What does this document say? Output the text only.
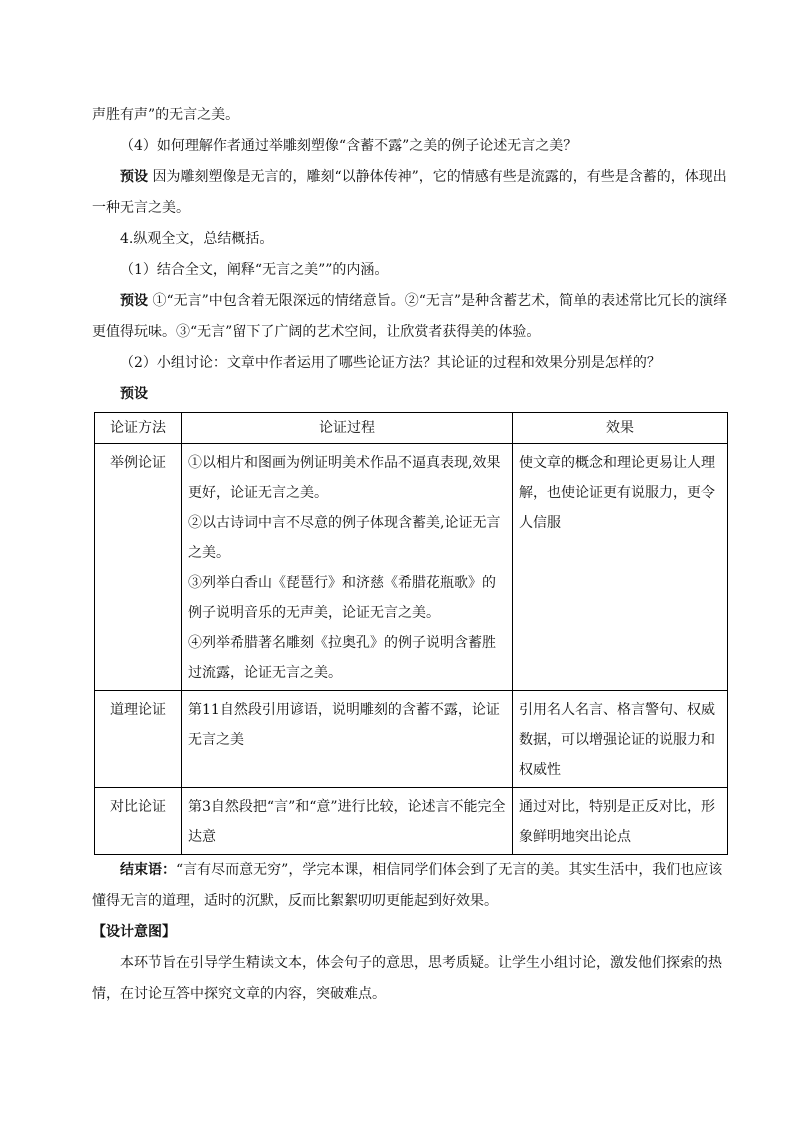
声胜有声”的无言之美。

（4）如何理解作者通过举雕刻塑像“含蓄不露”之美的例子论述无言之美？

预设 因为雕刻塑像是无言的，雕刻“以静体传神”，它的情感有些是流露的，有些是含蓄的，体现出一种无言之美。

4.纵观全文，总结概括。

（1）结合全文，阐释“无言之美””的内涵。

预设 ①“无言”中包含着无限深远的情绪意旨。②“无言”是种含蓄艺术，简单的表述常比冗长的演绎更值得玩味。③“无言”留下了广阔的艺术空间，让欣赏者获得美的体验。

（2）小组讨论：文章中作者运用了哪些论证方法？其论证的过程和效果分别是怎样的？

预设

论证方法	论证过程	效果
举例论证	①以相片和图画为例证明美术作品不逼真表现,效果更好，论证无言之美。
②以古诗词中言不尽意的例子体现含蓄美,论证无言之美。
③列举白香山《琵琶行》和济慈《希腊花瓶歌》的例子说明音乐的无声美，论证无言之美。
④列举希腊著名雕刻《拉奥孔》的例子说明含蓄胜过流露，论证无言之美。	使文章的概念和理论更易让人理解，也使论证更有说服力，更令人信服
道理论证	第11自然段引用谚语，说明雕刻的含蓄不露，论证无言之美	引用名人名言、格言警句、权威数据，可以增强论证的说服力和权威性
对比论证	第3自然段把“言”和“意”进行比较，论述言不能完全达意	通过对比，特别是正反对比，形象鲜明地突出论点

结束语：“言有尽而意无穷”，学完本课，相信同学们体会到了无言的美。其实生活中，我们也应该懂得无言的道理，适时的沉默，反而比絮絮叨叨更能起到好效果。

【设计意图】

本环节旨在引导学生精读文本，体会句子的意思，思考质疑。让学生小组讨论，激发他们探索的热情，在讨论互答中探究文章的内容，突破难点。
